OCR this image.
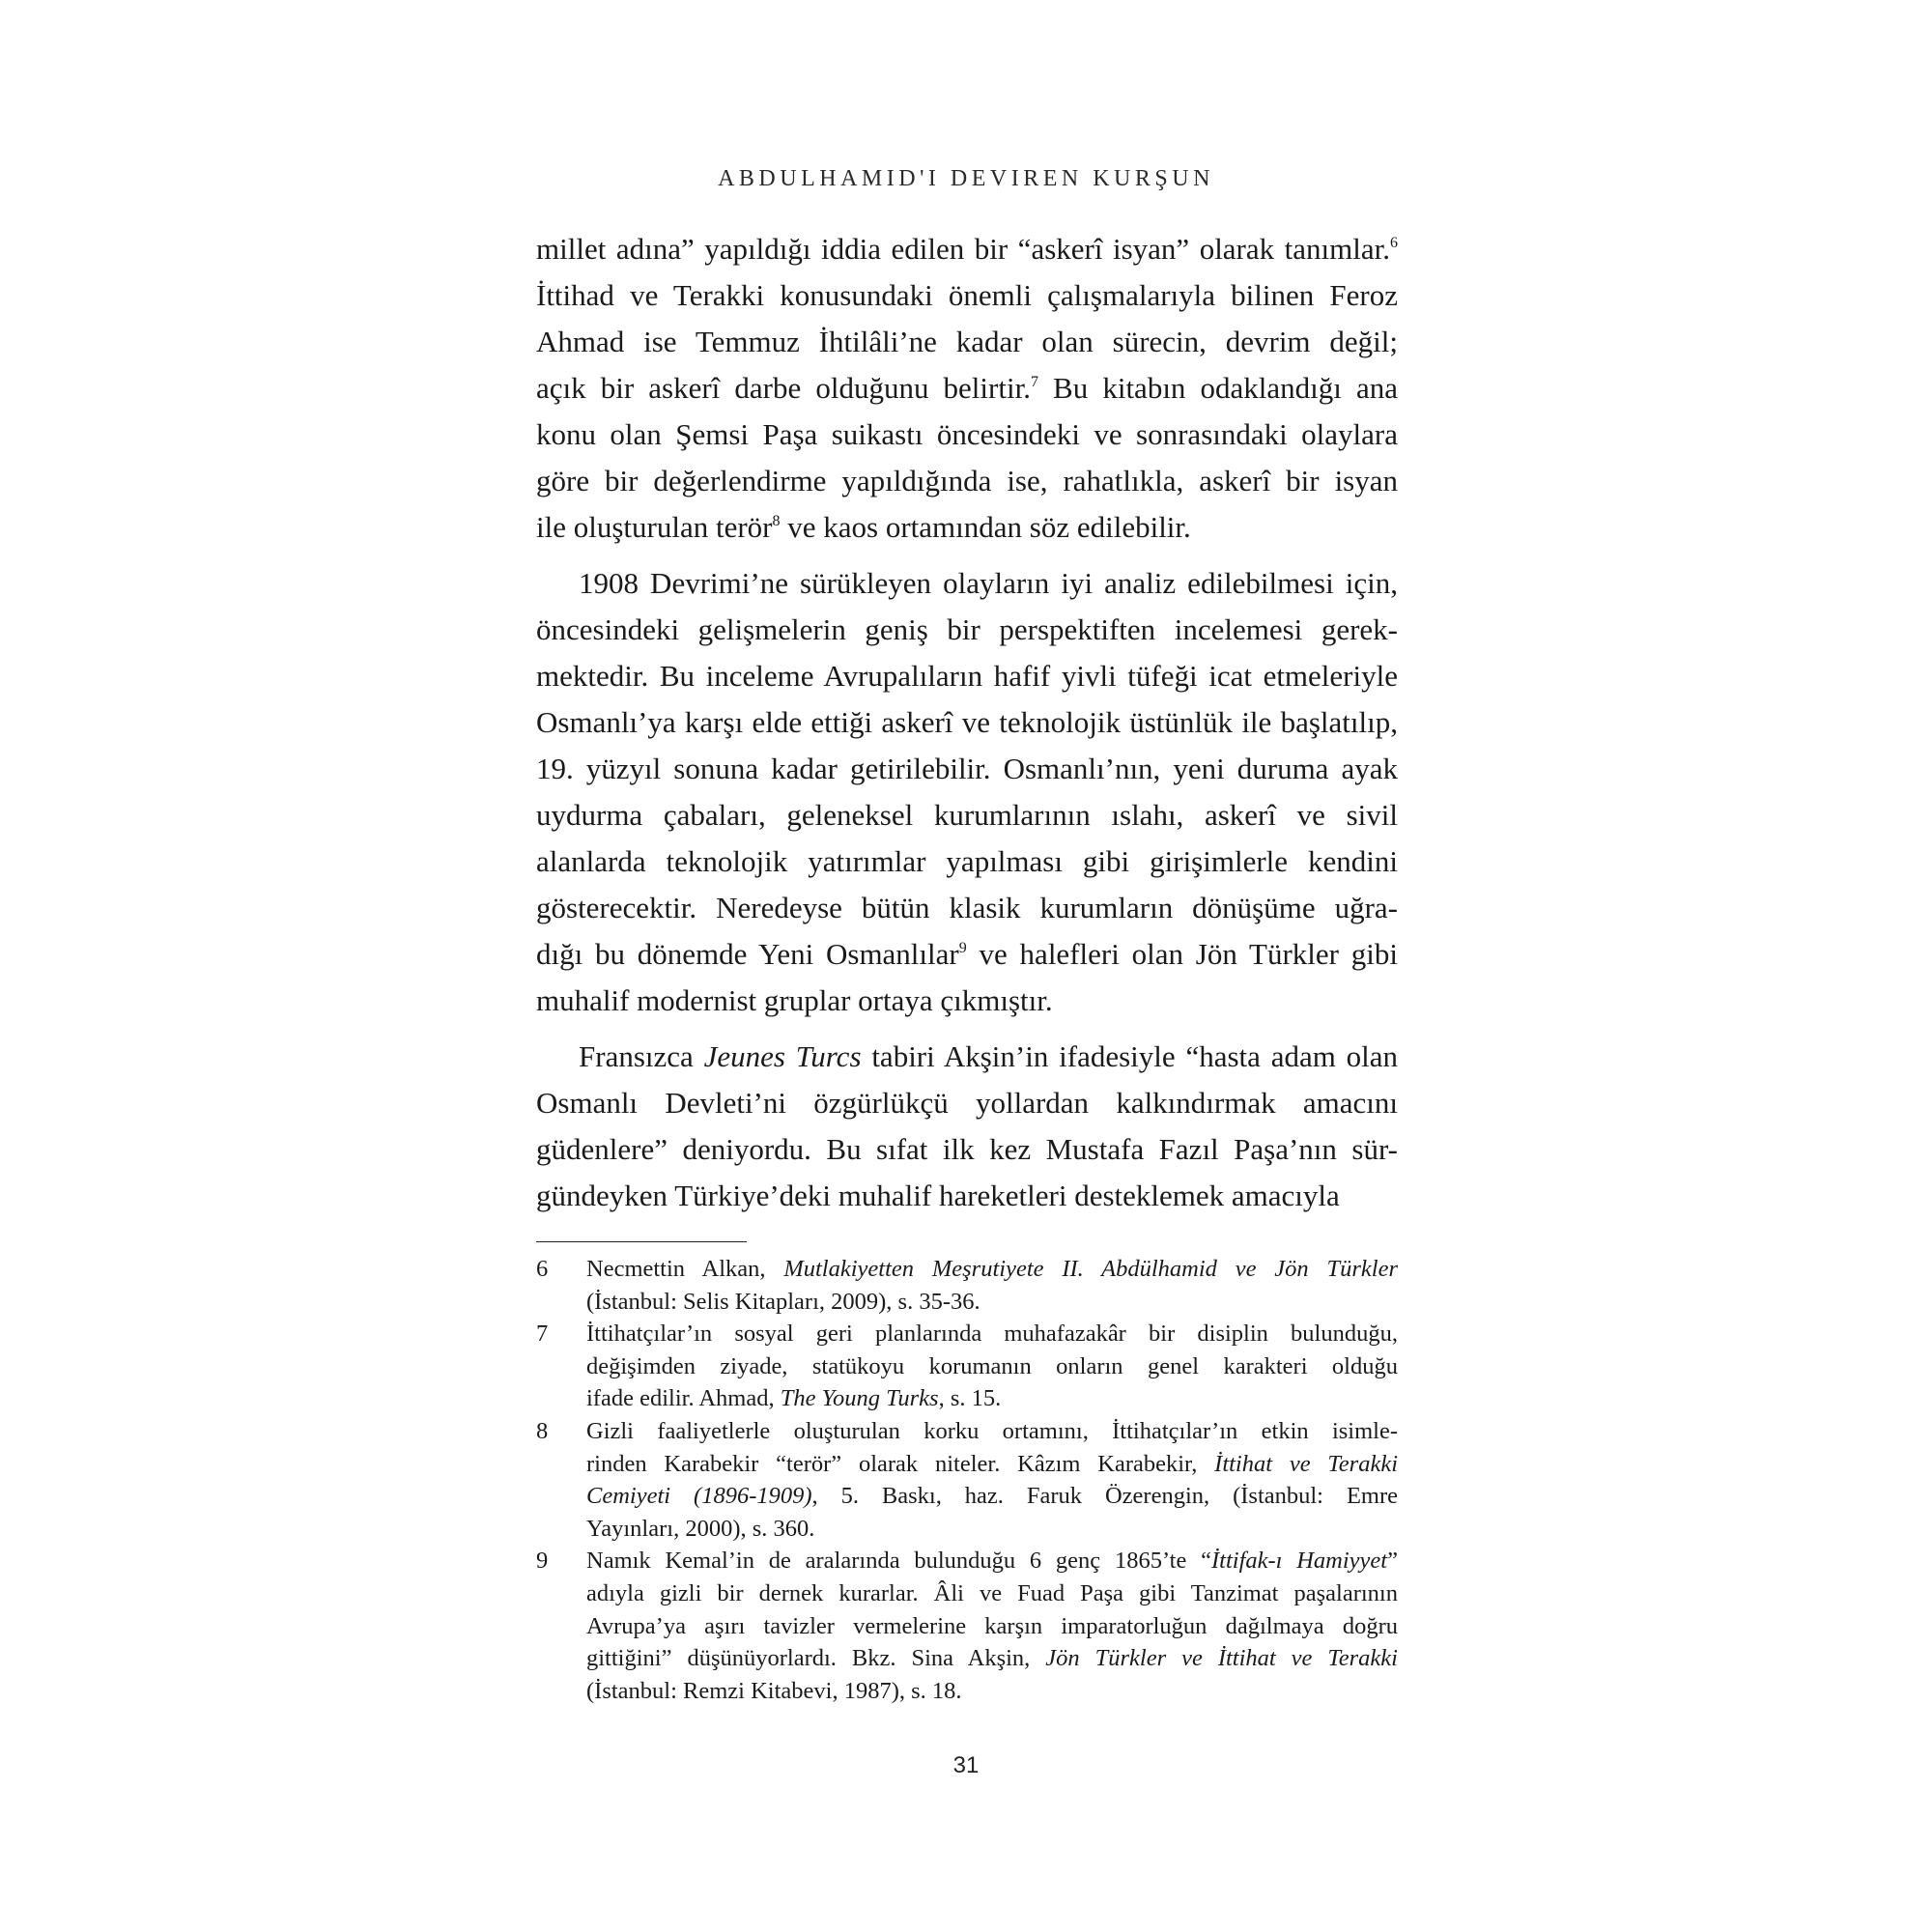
ABDULHAMID'I DEVIREN KURŞUN
millet adına” yapıldığı iddia edilen bir “askerî isyan” olarak tanımlar.$^6$
İttihad ve Terakki konusundaki önemli çalışmalarıyla bilinen Feroz
Ahmad ise Temmuz İhtilâli’ne kadar olan sürecin, devrim değil;
açık bir askerî darbe olduğunu belirtir.$^7$ Bu kitabın odaklandığı ana
konu olan Şemsi Paşa suikastı öncesindeki ve sonrasındaki olaylara
göre bir değerlendirme yapıldığında ise, rahatlıkla, askerî bir isyan
ile oluşturulan terör$^8$ ve kaos ortamından söz edilebilir.
1908 Devrimi’ne sürükleyen olayların iyi analiz edilebilmesi için,
öncesindeki gelişmelerin geniş bir perspektiften incelemesi gerek-
mektedir. Bu inceleme Avrupalıların hafif yivli tüfeği icat etmeleriyle
Osmanlı’ya karşı elde ettiği askerî ve teknolojik üstünlük ile başlatılıp,
19. yüzyıl sonuna kadar getirilebilir. Osmanlı’nın, yeni duruma ayak
uydurma çabaları, geleneksel kurumlarının ıslahı, askerî ve sivil
alanlarda teknolojik yatırımlar yapılması gibi girişimlerle kendini
gösterecektir. Neredeyse bütün klasik kurumların dönüşüme uğra-
dığı bu dönemde Yeni Osmanlılar$^9$ ve halefleri olan Jön Türkler gibi
muhalif modernist gruplar ortaya çıkmıştır.
Fransızca Jeunes Turcs tabiri Akşin’in ifadesiyle “hasta adam olan
Osmanlı Devleti’ni özgürlükçü yollardan kalkındırmak amacını
güdenlere” deniyordu. Bu sıfat ilk kez Mustafa Fazıl Paşa’nın sür-
gündeyken Türkiye’deki muhalif hareketleri desteklemek amacıyla
6	Necmettin Alkan, Mutlakiyetten Meşrutiyete II. Abdülhamid ve Jön Türkler
(İstanbul: Selis Kitapları, 2009), s. 35-36.
7	İttihatçılar’ın sosyal geri planlarında muhafazakâr bir disiplin bulunduğu,
değişimden ziyade, statükoyu korumanın onların genel karakteri olduğu
ifade edilir. Ahmad, The Young Turks, s. 15.
8	Gizli faaliyetlerle oluşturulan korku ortamını, İttihatçılar’ın etkin isimle-
rinden Karabekir “terör” olarak niteler. Kâzım Karabekir, İttihat ve Terakki
Cemiyeti (1896-1909), 5. Baskı, haz. Faruk Özerengin, (İstanbul: Emre
Yayınları, 2000), s. 360.
9	Namık Kemal’in de aralarında bulunduğu 6 genç 1865’te “İttifak-ı Hamiyyet”
adıyla gizli bir dernek kurarlar. Âli ve Fuad Paşa gibi Tanzimat paşalarının
Avrupa’ya aşırı tavizler vermelerine karşın imparatorluğun dağılmaya doğru
gittiğini” düşünüyorlardı. Bkz. Sina Akşin, Jön Türkler ve İttihat ve Terakki
(İstanbul: Remzi Kitabevi, 1987), s. 18.
31
